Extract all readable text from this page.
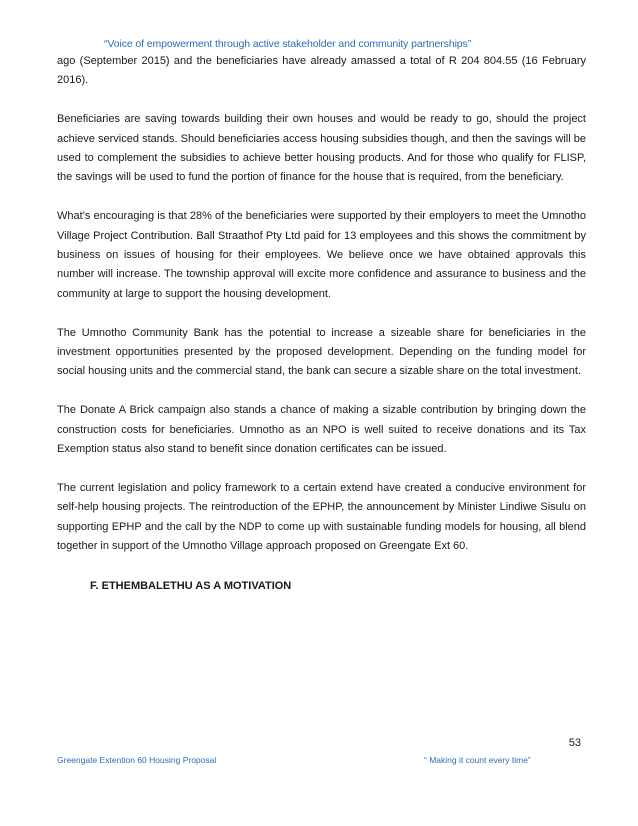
“Voice of empowerment through active stakeholder and community partnerships”

ago (September 2015) and the beneficiaries have already amassed a total of R 204 804.55 (16 February 2016).

Beneficiaries are saving towards building their own houses and would be ready to go, should the project achieve serviced stands. Should beneficiaries access housing subsidies though, and then the savings will be used to complement the subsidies to achieve better housing products. And for those who qualify for FLISP, the savings will be used to fund the portion of finance for the house that is required, from the beneficiary.

What’s encouraging is that 28% of the beneficiaries were supported by their employers to meet the Umnotho Village Project Contribution. Ball Straathof Pty Ltd paid for 13 employees and this shows the commitment by business on issues of housing for their employees. We believe once we have obtained approvals this number will increase. The township approval will excite more confidence and assurance to business and the community at large to support the housing development.

The Umnotho Community Bank has the potential to increase a sizeable share for beneficiaries in the investment opportunities presented by the proposed development. Depending on the funding model for social housing units and the commercial stand, the bank can secure a sizable share on the total investment.

The Donate A Brick campaign also stands a chance of making a sizable contribution by bringing down the construction costs for beneficiaries. Umnotho as an NPO is well suited to receive donations and its Tax Exemption status also stand to benefit since donation certificates can be issued.

The current legislation and policy framework to a certain extend have created a conducive environment for self-help housing projects. The reintroduction of the EPHP, the announcement by Minister Lindiwe Sisulu on supporting EPHP and the call by the NDP to come up with sustainable funding models for housing, all blend together in support of the Umnotho Village approach proposed on Greengate Ext 60.

F. ETHEMBALETHU AS A MOTIVATION
53
Greengate Extention 60 Housing Proposal	“ Making it count every time”
